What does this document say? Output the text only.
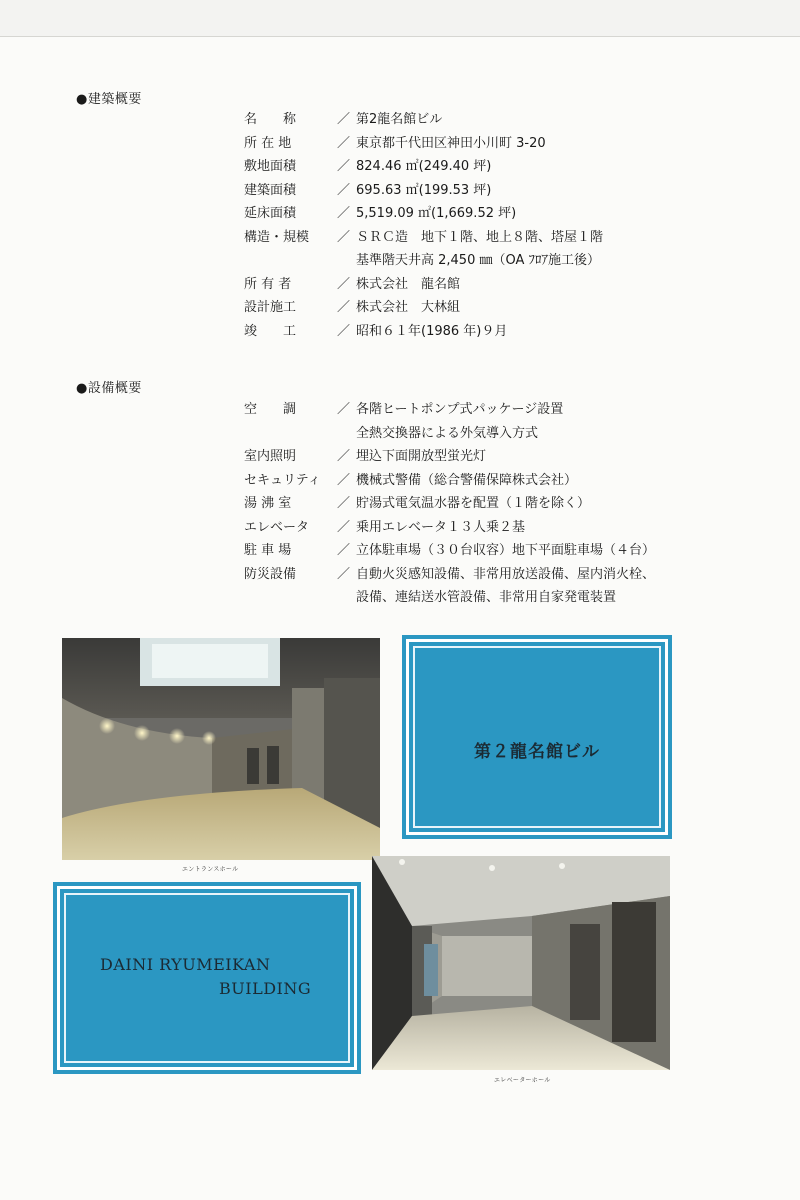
●建築概要
名　　称	／ 第2龍名館ビル
所 在 地	／ 東京都千代田区神田小川町 3-20
敷地面積	／ 824.46 ㎡(249.40 坪)
建築面積	／ 695.63 ㎡(199.53 坪)
延床面積	／ 5,519.09 ㎡(1,669.52 坪)
構造・規模	／ ＳＲＣ造　地下１階、地上８階、塔屋１階
基準階天井高 2,450 ㎜（OA ﾌﾛｱ施工後）
所 有 者	／ 株式会社　龍名館
設計施工	／ 株式会社　大林組
竣　　工	／ 昭和６１年(1986 年)９月
●設備概要
空　　調	／ 各階ヒートポンプ式パッケージ設置
全熱交換器による外気導入方式
室内照明	／ 埋込下面開放型蛍光灯
セキュリティ	／ 機械式警備（総合警備保障株式会社）
湯 沸 室	／ 貯湯式電気温水器を配置（１階を除く）
エレベータ	／ 乗用エレベータ１３人乗２基
駐 車 場	／ 立体駐車場（３０台収容）地下平面駐車場（４台）
防災設備	／ 自動火災感知設備、非常用放送設備、屋内消火栓、
設備、連結送水管設備、非常用自家発電装置
エントランスホール
第２龍名館ビル
DAINI RYUMEIKAN
BUILDING
エレベーターホール
